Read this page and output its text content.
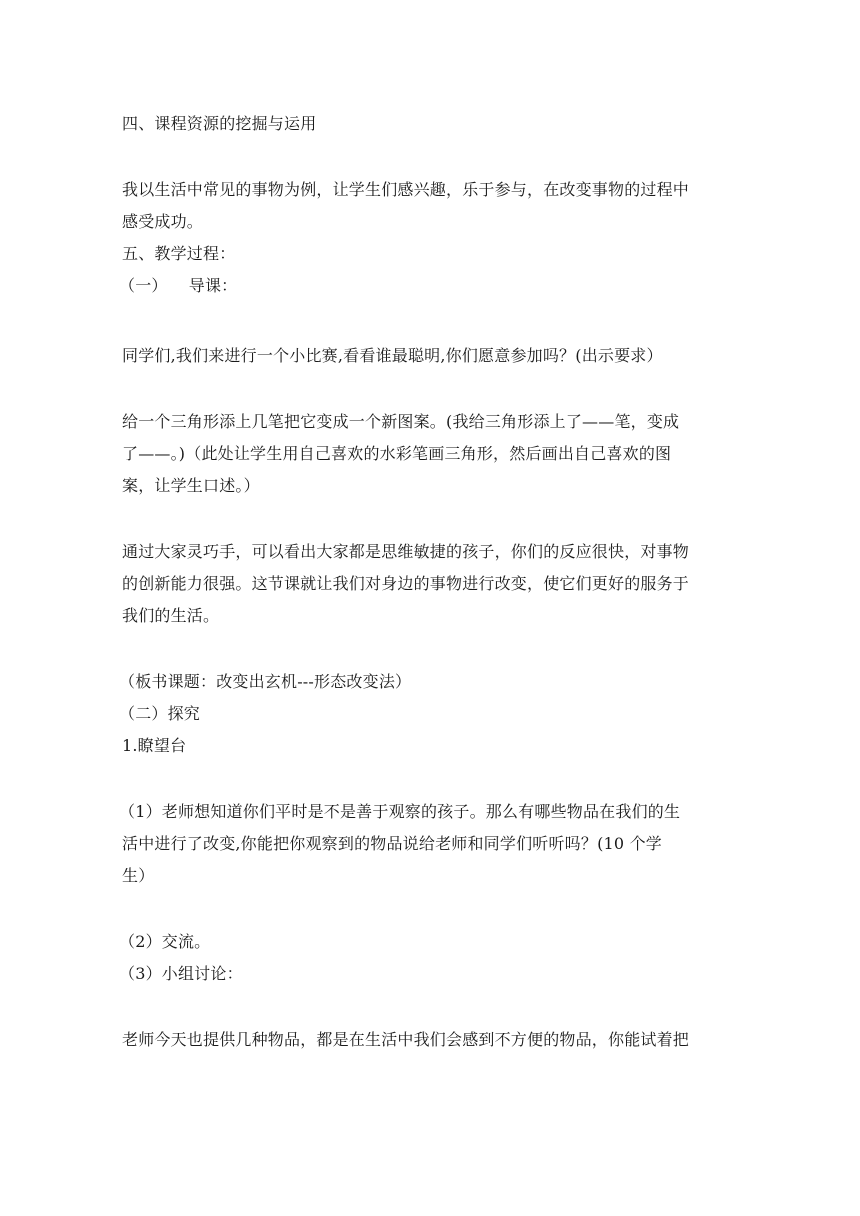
四、课程资源的挖掘与运用
我以生活中常见的事物为例，让学生们感兴趣，乐于参与，在改变事物的过程中
感受成功。
五、教学过程：
（一）    导课：
同学们,我们来进行一个小比赛,看看谁最聪明,你们愿意参加吗？(出示要求）
给一个三角形添上几笔把它变成一个新图案。(我给三角形添上了——笔，变成
了——。)（此处让学生用自己喜欢的水彩笔画三角形，然后画出自己喜欢的图
案，让学生口述。）
通过大家灵巧手，可以看出大家都是思维敏捷的孩子，你们的反应很快，对事物
的创新能力很强。这节课就让我们对身边的事物进行改变，使它们更好的服务于
我们的生活。
（板书课题：改变出玄机---形态改变法）
（二）探究
1.瞭望台
（1）老师想知道你们平时是不是善于观察的孩子。那么有哪些物品在我们的生
活中进行了改变,你能把你观察到的物品说给老师和同学们听听吗？(10 个学
生）
（2）交流。
（3）小组讨论：
老师今天也提供几种物品，都是在生活中我们会感到不方便的物品，你能试着把
